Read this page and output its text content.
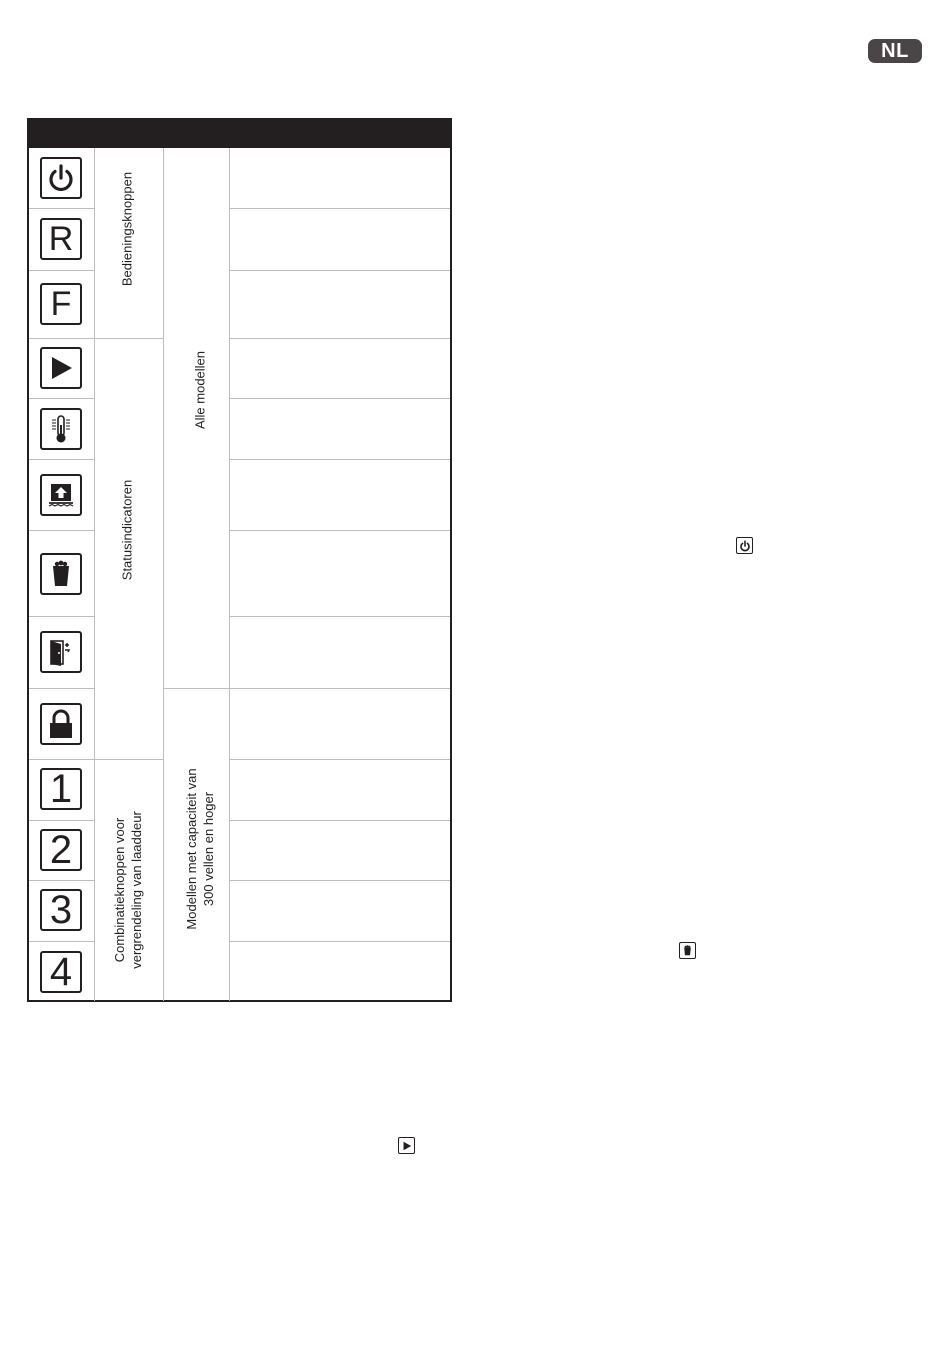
NL
R
F
1
2
3
4
Bedieningsknoppen
Statusindicatoren
Combinatieknoppen voor vergrendeling van laaddeur
Alle modellen
Modellen met capaciteit van 300 vellen en hoger
